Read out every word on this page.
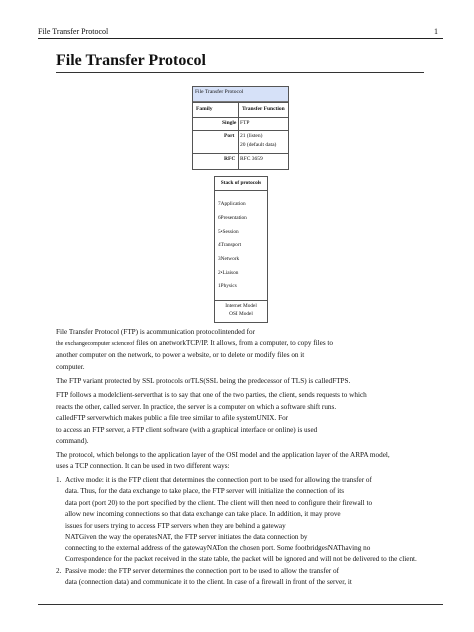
File Transfer Protocol	1
File Transfer Protocol
File Transfer Protocol
Family	Transfer Function
Single FTP
Port 21 (listen)
20 (default data)
RFC RFC 3659
Stack of protocols
7Application
6Presentation
5•Session
4Transport
3Network
2•Liaison
1Physics
Internet Model
OSI Model
File Transfer Protocol (FTP) is acommunication protocolintended for
the exchangecomputer scienceof files on anetworkTCP/IP. It allows, from a computer, to copy files to
another computer on the network, to power a website, or to delete or modify files on it
computer.
The FTP variant protected by SSL protocols orTLS(SSL being the predecessor of TLS) is calledFTPS.
FTP follows a modelclient-serverthat is to say that one of the two parties, the client, sends requests to which
reacts the other, called server. In practice, the server is a computer on which a software shift runs.
calledFTP serverwhich makes public a file tree similar to afile systemUNIX. For
to access an FTP server, a FTP client software (with a graphical interface or online) is used
command).
The protocol, which belongs to the application layer of the OSI model and the application layer of the ARPA model,
uses a TCP connection. It can be used in two different ways:
1. Active mode: it is the FTP client that determines the connection port to be used for allowing the transfer of
data. Thus, for the data exchange to take place, the FTP server will initialize the connection of its
data port (port 20) to the port specified by the client. The client will then need to configure their firewall to
allow new incoming connections so that data exchange can take place. In addition, it may prove
issues for users trying to access FTP servers when they are behind a gateway
NATGiven the way the operatesNAT, the FTP server initiates the data connection by
connecting to the external address of the gatewayNATon the chosen port. Some footbridgesNAThaving no
Correspondence for the packet received in the state table, the packet will be ignored and will not be delivered to the client.
2. Passive mode: the FTP server determines the connection port to be used to allow the transfer of
data (connection data) and communicate it to the client. In case of a firewall in front of the server, it
